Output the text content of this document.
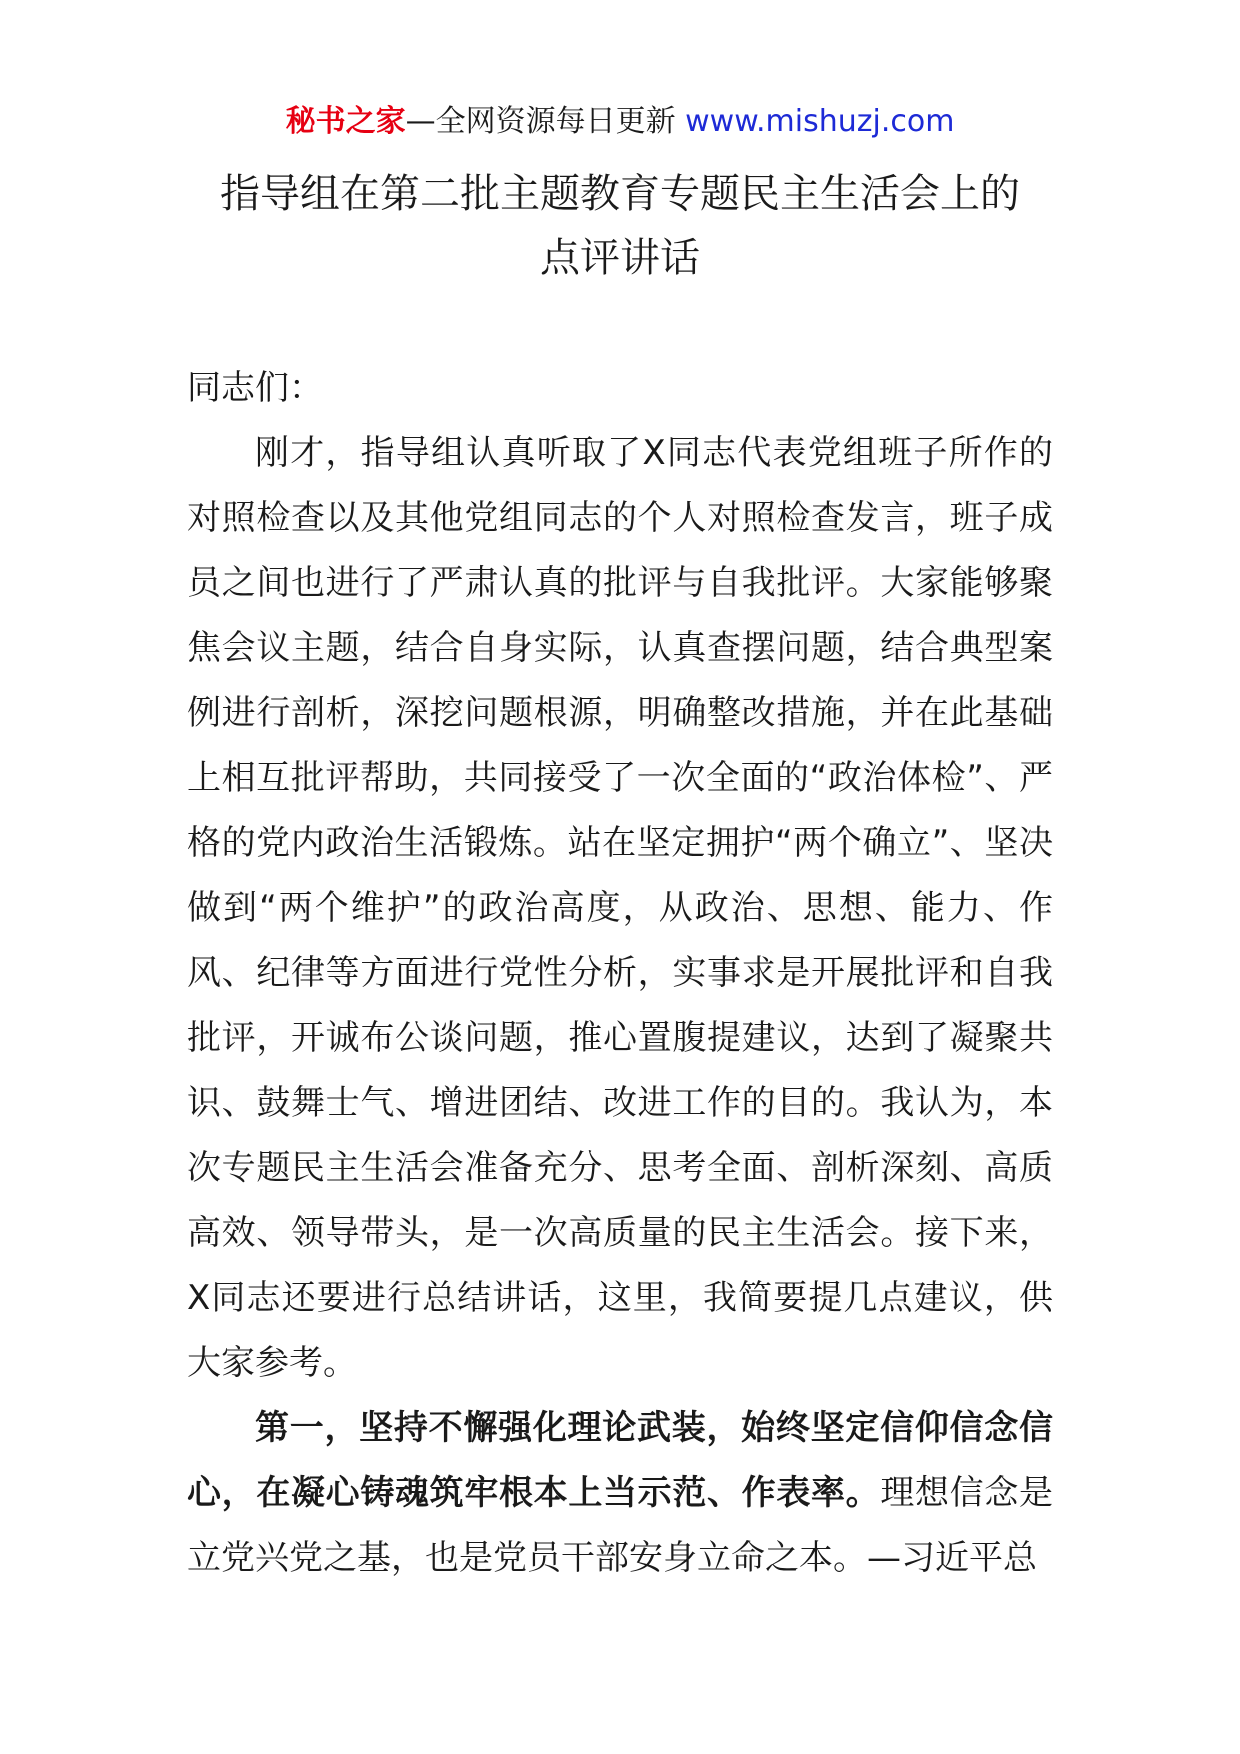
秘书之家—全网资源每日更新 www.mishuzj.com
指导组在第二批主题教育专题民主生活会上的
点评讲话

同志们：

刚才，指导组认真听取了X同志代表党组班子所作的对照检查以及其他党组同志的个人对照检查发言，班子成员之间也进行了严肃认真的批评与自我批评。大家能够聚焦会议主题，结合自身实际，认真查摆问题，结合典型案例进行剖析，深挖问题根源，明确整改措施，并在此基础上相互批评帮助，共同接受了一次全面的“政治体检”、严格的党内政治生活锻炼。站在坚定拥护“两个确立”、坚决做到“两个维护”的政治高度，从政治、思想、能力、作风、纪律等方面进行党性分析，实事求是开展批评和自我批评，开诚布公谈问题，推心置腹提建议，达到了凝聚共识、鼓舞士气、增进团结、改进工作的目的。我认为，本次专题民主生活会准备充分、思考全面、剖析深刻、高质高效、领导带头，是一次高质量的民主生活会。接下来，X同志还要进行总结讲话，这里，我简要提几点建议，供大家参考。

第一，坚持不懈强化理论武装，始终坚定信仰信念信心，在凝心铸魂筑牢根本上当示范、作表率。理想信念是立党兴党之基，也是党员干部安身立命之本。—习近平总
